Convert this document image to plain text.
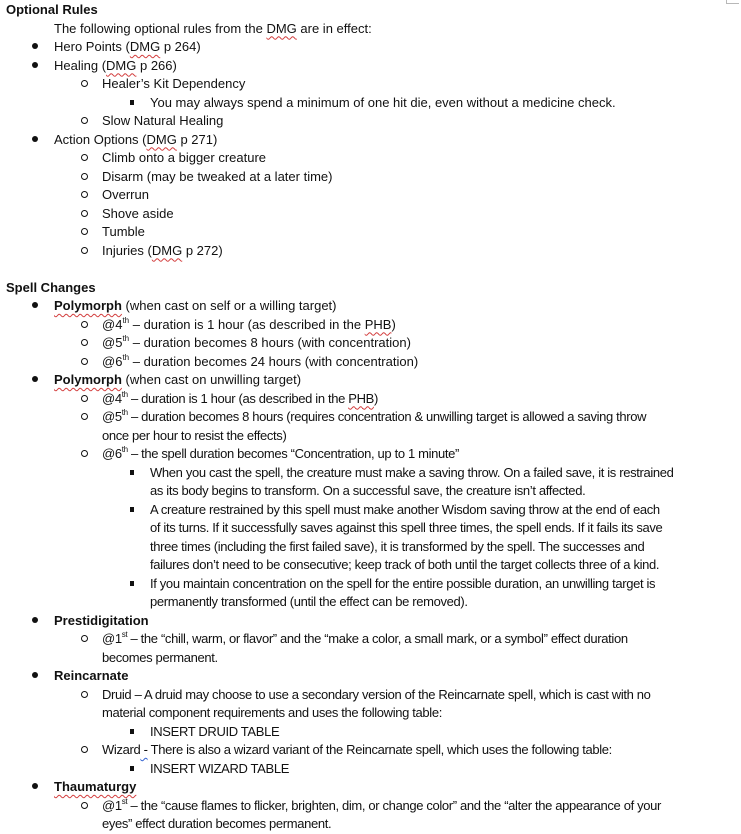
Optional Rules
The following optional rules from the DMG are in effect:
Hero Points (DMG p 264)
Healing (DMG p 266)
Healer’s Kit Dependency
You may always spend a minimum of one hit die, even without a medicine check.
Slow Natural Healing
Action Options (DMG p 271)
Climb onto a bigger creature
Disarm (may be tweaked at a later time)
Overrun
Shove aside
Tumble
Injuries (DMG p 272)
Spell Changes
Polymorph (when cast on self or a willing target)
@4th – duration is 1 hour (as described in the PHB)
@5th – duration becomes 8 hours (with concentration)
@6th – duration becomes 24 hours (with concentration)
Polymorph (when cast on unwilling target)
@4th – duration is 1 hour (as described in the PHB)
@5th – duration becomes 8 hours (requires concentration & unwilling target is allowed a saving throw
once per hour to resist the effects)
@6th – the spell duration becomes “Concentration, up to 1 minute”
When you cast the spell, the creature must make a saving throw. On a failed save, it is restrained
as its body begins to transform. On a successful save, the creature isn’t affected.
A creature restrained by this spell must make another Wisdom saving throw at the end of each
of its turns. If it successfully saves against this spell three times, the spell ends. If it fails its save
three times (including the first failed save), it is transformed by the spell. The successes and
failures don’t need to be consecutive; keep track of both until the target collects three of a kind.
If you maintain concentration on the spell for the entire possible duration, an unwilling target is
permanently transformed (until the effect can be removed).
Prestidigitation
@1st – the “chill, warm, or flavor” and the “make a color, a small mark, or a symbol” effect duration
becomes permanent.
Reincarnate
Druid – A druid may choose to use a secondary version of the Reincarnate spell, which is cast with no
material component requirements and uses the following table:
INSERT DRUID TABLE
Wizard - There is also a wizard variant of the Reincarnate spell, which uses the following table:
INSERT WIZARD TABLE
Thaumaturgy
@1st – the “cause flames to flicker, brighten, dim, or change color” and the “alter the appearance of your
eyes” effect duration becomes permanent.
